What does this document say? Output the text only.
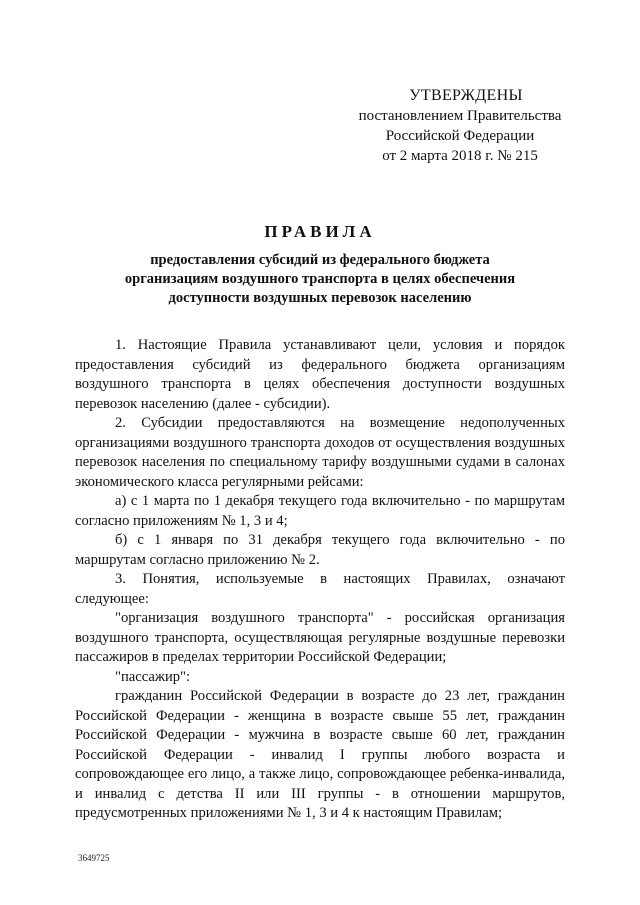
УТВЕРЖДЕНЫ
постановлением Правительства
Российской Федерации
от 2 марта 2018 г. № 215
ПРАВИЛА
предоставления субсидий из федерального бюджета
организациям воздушного транспорта в целях обеспечения
доступности воздушных перевозок населению

1. Настоящие Правила устанавливают цели, условия и порядок предоставления субсидий из федерального бюджета организациям воздушного транспорта в целях обеспечения доступности воздушных перевозок населению (далее - субсидии).

2. Субсидии предоставляются на возмещение недополученных организациями воздушного транспорта доходов от осуществления воздушных перевозок населения по специальному тарифу воздушными судами в салонах экономического класса регулярными рейсами:

а) с 1 марта по 1 декабря текущего года включительно - по маршрутам согласно приложениям № 1, 3 и 4;

б) с 1 января по 31 декабря текущего года включительно - по маршрутам согласно приложению № 2.

3. Понятия, используемые в настоящих Правилах, означают следующее:

"организация воздушного транспорта" - российская организация воздушного транспорта, осуществляющая регулярные воздушные перевозки пассажиров в пределах территории Российской Федерации;

"пассажир":

гражданин Российской Федерации в возрасте до 23 лет, гражданин Российской Федерации - женщина в возрасте свыше 55 лет, гражданин Российской Федерации - мужчина в возрасте свыше 60 лет, гражданин Российской Федерации - инвалид I группы любого возраста и сопровождающее его лицо, а также лицо, сопровождающее ребенка-инвалида, и инвалид с детства II или III группы - в отношении маршрутов, предусмотренных приложениями № 1, 3 и 4 к настоящим Правилам;

3649725
